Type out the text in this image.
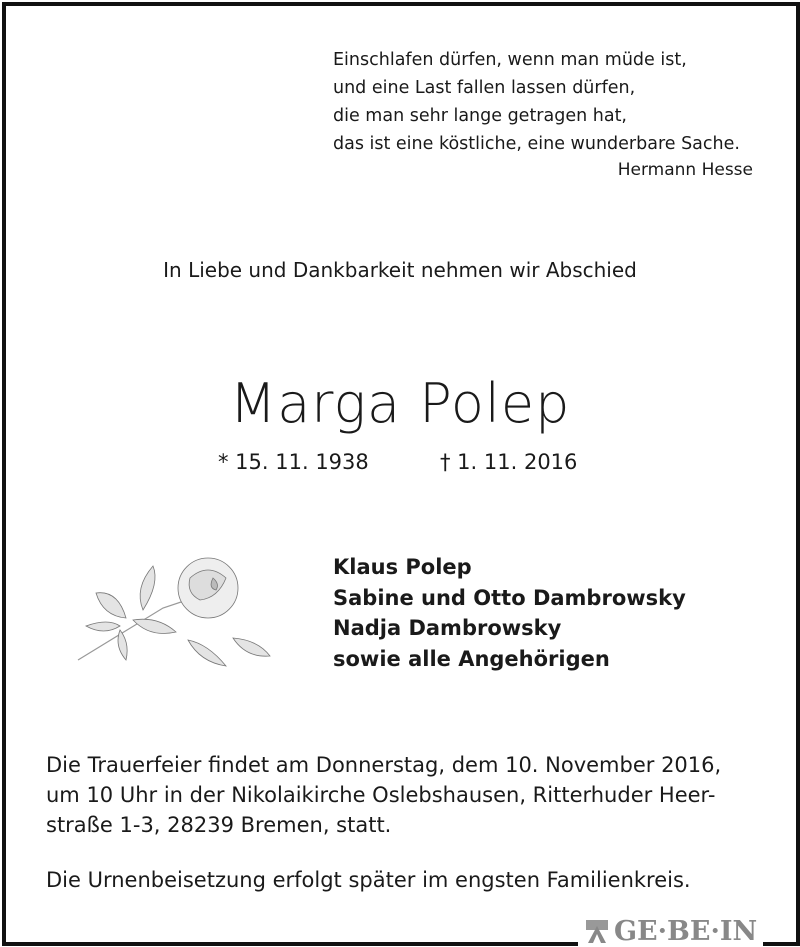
Einschlafen dürfen, wenn man müde ist,
und eine Last fallen lassen dürfen,
die man sehr lange getragen hat,
das ist eine köstliche, eine wunderbare Sache.
Hermann Hesse
In Liebe und Dankbarkeit nehmen wir Abschied
Marga Polep
* 15. 11. 1938	† 1. 11. 2016
Klaus Polep
Sabine und Otto Dambrowsky
Nadja Dambrowsky
sowie alle Angehörigen
Die Trauerfeier findet am Donnerstag, dem 10. November 2016,
um 10 Uhr in der Nikolaikirche Oslebshausen, Ritterhuder Heer-
straße 1-3, 28239 Bremen, statt.
Die Urnenbeisetzung erfolgt später im engsten Familienkreis.
GE·BE·IN
